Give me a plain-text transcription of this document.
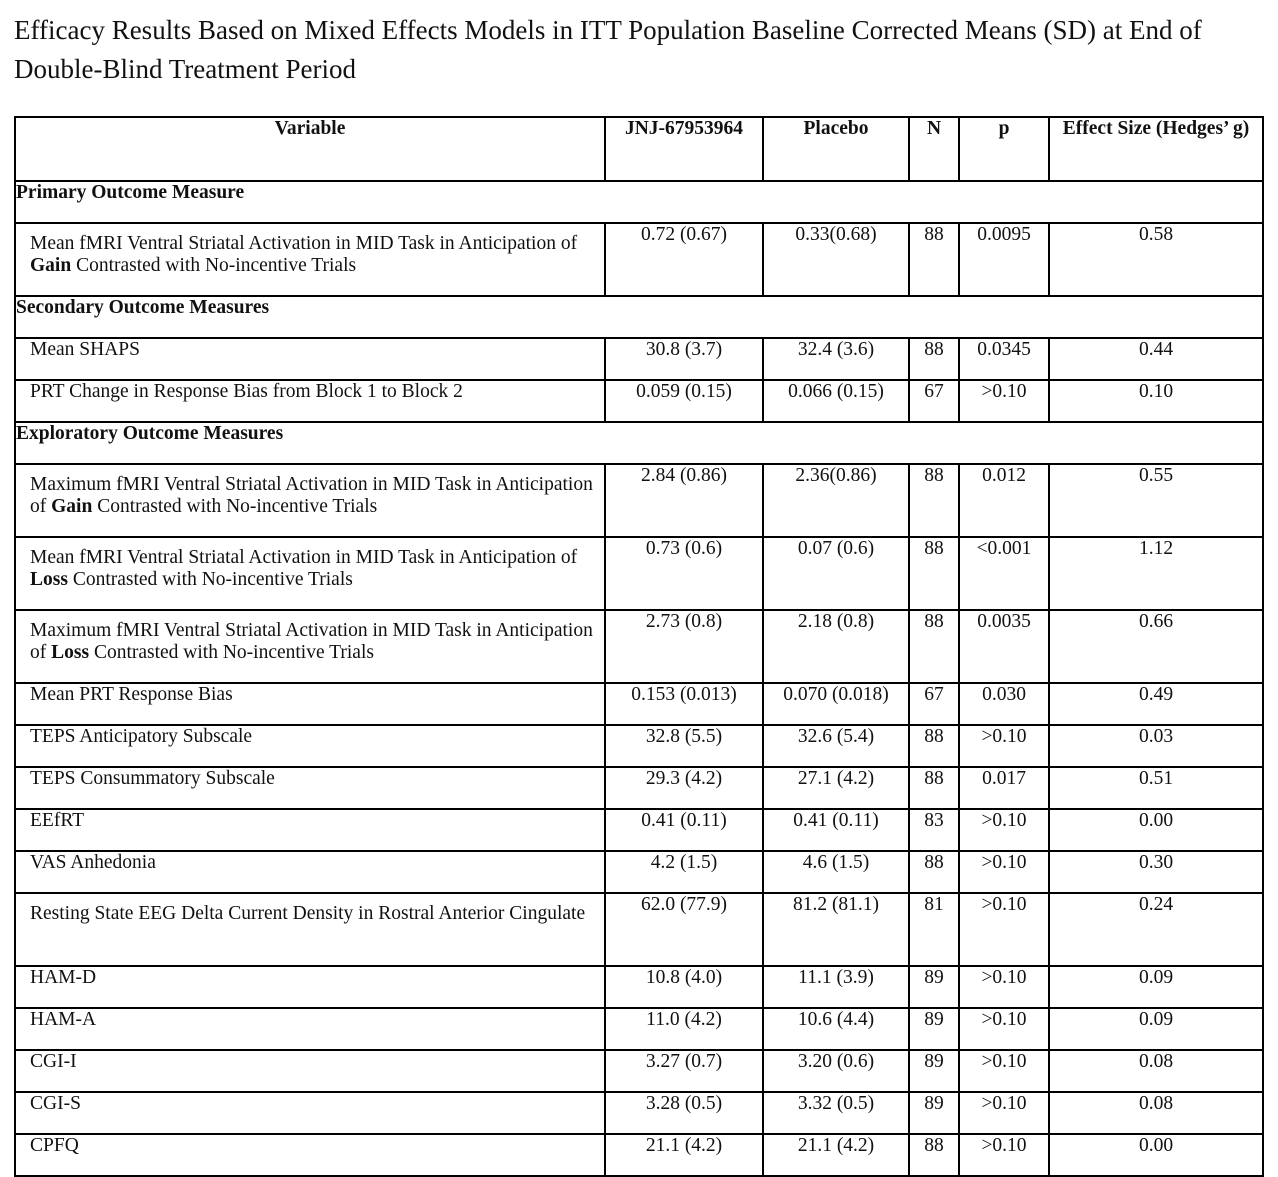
Efficacy Results Based on Mixed Effects Models in ITT Population Baseline Corrected Means (SD) at End of Double-Blind Treatment Period
Variable	JNJ-67953964	Placebo	N	p	Effect Size (Hedges’ g)
Primary Outcome Measure					
Mean fMRI Ventral Striatal Activation in MID Task in Anticipation of Gain Contrasted with No-incentive Trials	0.72 (0.67)	0.33(0.68)	88	0.0095	0.58
Secondary Outcome Measures					
Mean SHAPS	30.8 (3.7)	32.4 (3.6)	88	0.0345	0.44
PRT Change in Response Bias from Block 1 to Block 2	0.059 (0.15)	0.066 (0.15)	67	>0.10	0.10
Exploratory Outcome Measures					
Maximum fMRI Ventral Striatal Activation in MID Task in Anticipation of Gain Contrasted with No-incentive Trials	2.84 (0.86)	2.36(0.86)	88	0.012	0.55
Mean fMRI Ventral Striatal Activation in MID Task in Anticipation of Loss Contrasted with No-incentive Trials	0.73 (0.6)	0.07 (0.6)	88	<0.001	1.12
Maximum fMRI Ventral Striatal Activation in MID Task in Anticipation of Loss Contrasted with No-incentive Trials	2.73 (0.8)	2.18 (0.8)	88	0.0035	0.66
Mean PRT Response Bias	0.153 (0.013)	0.070 (0.018)	67	0.030	0.49
TEPS Anticipatory Subscale	32.8 (5.5)	32.6 (5.4)	88	>0.10	0.03
TEPS Consummatory Subscale	29.3 (4.2)	27.1 (4.2)	88	0.017	0.51
EEfRT	0.41 (0.11)	0.41 (0.11)	83	>0.10	0.00
VAS Anhedonia	4.2 (1.5)	4.6 (1.5)	88	>0.10	0.30
Resting State EEG Delta Current Density in Rostral Anterior Cingulate	62.0 (77.9)	81.2 (81.1)	81	>0.10	0.24
HAM-D	10.8 (4.0)	11.1 (3.9)	89	>0.10	0.09
HAM-A	11.0 (4.2)	10.6 (4.4)	89	>0.10	0.09
CGI-I	3.27 (0.7)	3.20 (0.6)	89	>0.10	0.08
CGI-S	3.28 (0.5)	3.32 (0.5)	89	>0.10	0.08
CPFQ	21.1 (4.2)	21.1 (4.2)	88	>0.10	0.00
